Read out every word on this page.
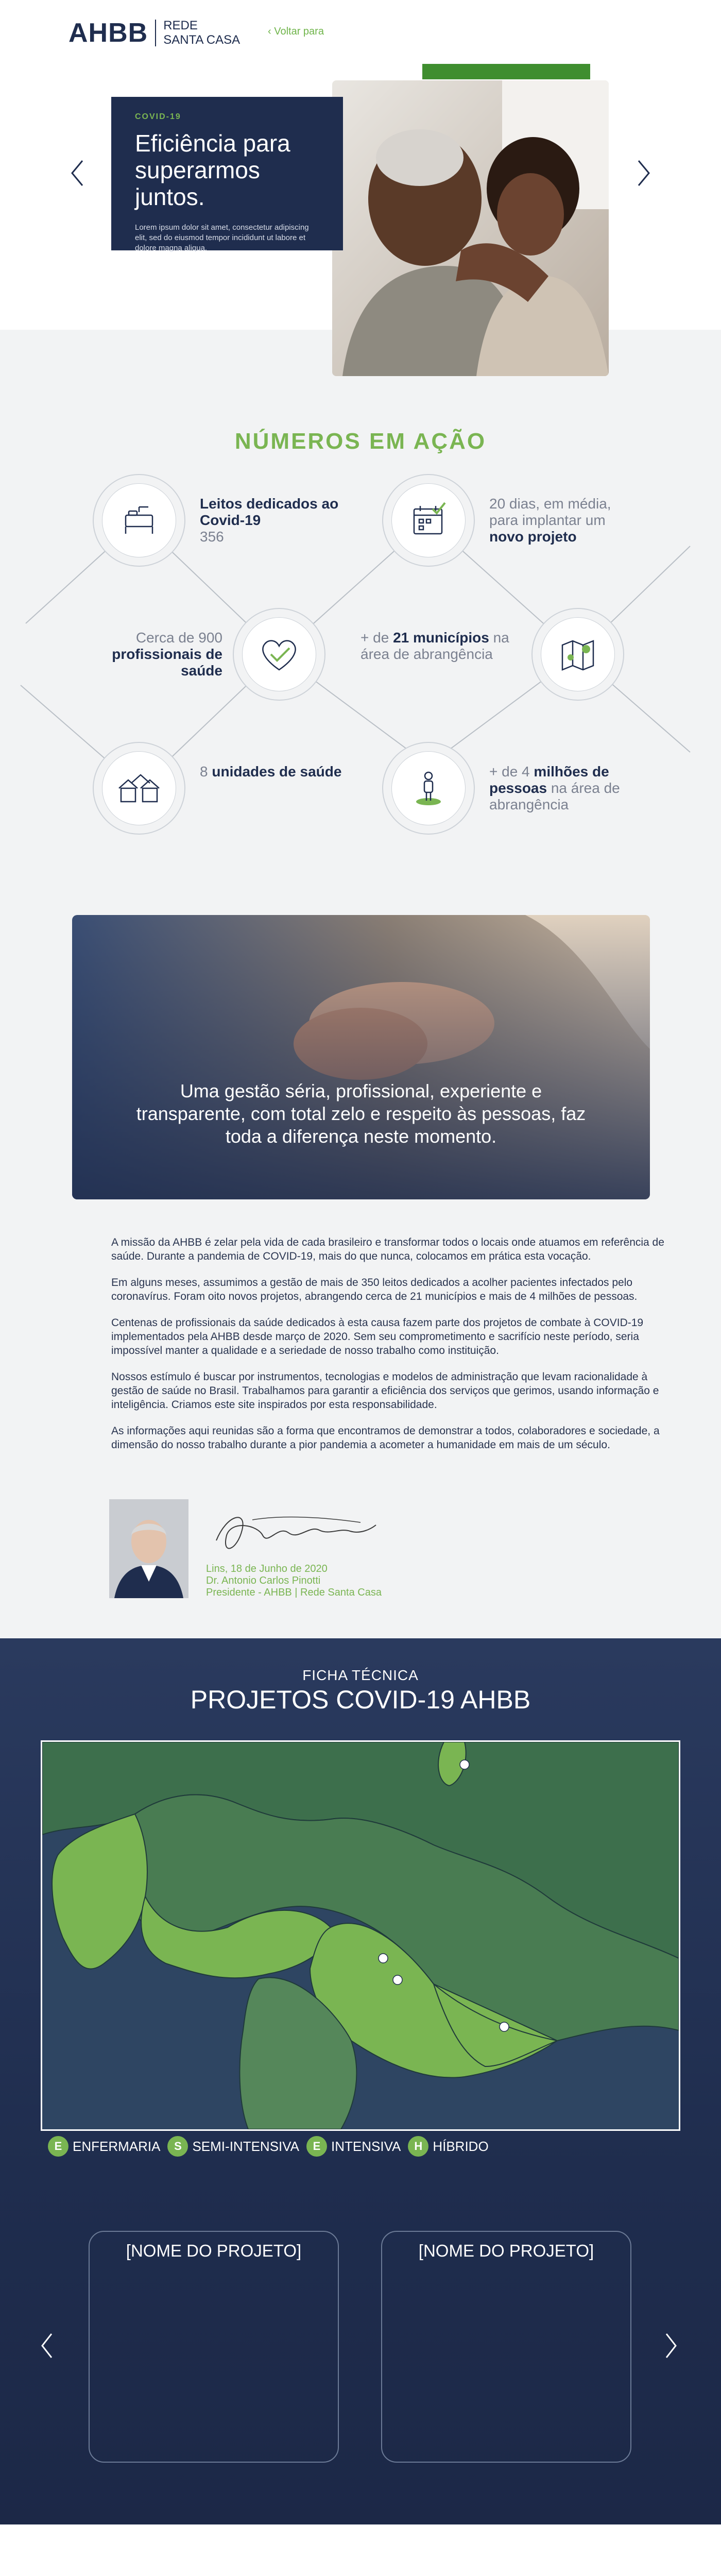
AHBB REDE
SANTA CASA
‹ Voltar para
COVID-19
Eficiência para superarmos juntos.

Lorem ipsum dolor sit amet, consectetur adipiscing elit, sed do eiusmod tempor incididunt ut labore et dolore magna aliqua.

NÚMEROS EM AÇÃO
Leitos dedicados ao Covid-19
356
20 dias, em média, para implantar um
novo projeto
Cerca de 900
profissionais de saúde
+ de 21 municípios na área de abrangência
8 unidades de saúde	+ de 4 milhões de pessoas na área de abrangência
Uma gestão séria, profissional, experiente e transparente, com total zelo e respeito às pessoas, faz toda a diferença neste momento.

A missão da AHBB é zelar pela vida de cada brasileiro e transformar todos o locais onde atuamos em referência de saúde. Durante a pandemia de COVID-19, mais do que nunca, colocamos em prática esta vocação.

Em alguns meses, assumimos a gestão de mais de 350 leitos dedicados a acolher pacientes infectados pelo coronavírus. Foram oito novos projetos, abrangendo cerca de 21 municípios e mais de 4 milhões de pessoas.

Centenas de profissionais da saúde dedicados à esta causa fazem parte dos projetos de combate à COVID-19 implementados pela AHBB desde março de 2020. Sem seu comprometimento e sacrifício neste período, seria impossível manter a qualidade e a seriedade de nosso trabalho como instituição.

Nossos estímulo é buscar por instrumentos, tecnologias e modelos de administração que levam racionalidade à gestão de saúde no Brasil. Trabalhamos para garantir a eficiência dos serviços que gerimos, usando informação e inteligência. Criamos este site inspirados por esta responsabilidade.

As informações aqui reunidas são a forma que encontramos de demonstrar a todos, colaboradores e sociedade, a dimensão do nosso trabalho durante a pior pandemia a acometer a humanidade em mais de um século.

Lins, 18 de Junho de 2020
Dr. Antonio Carlos Pinotti
Presidente - AHBB | Rede Santa Casa
FICHA TÉCNICA
PROJETOS COVID-19 AHBB
E ENFERMARIA	S SEMI-INTENSIVA	E INTENSIVA	H HÍBRIDO
[NOME DO PROJETO]	[NOME DO PROJETO]
